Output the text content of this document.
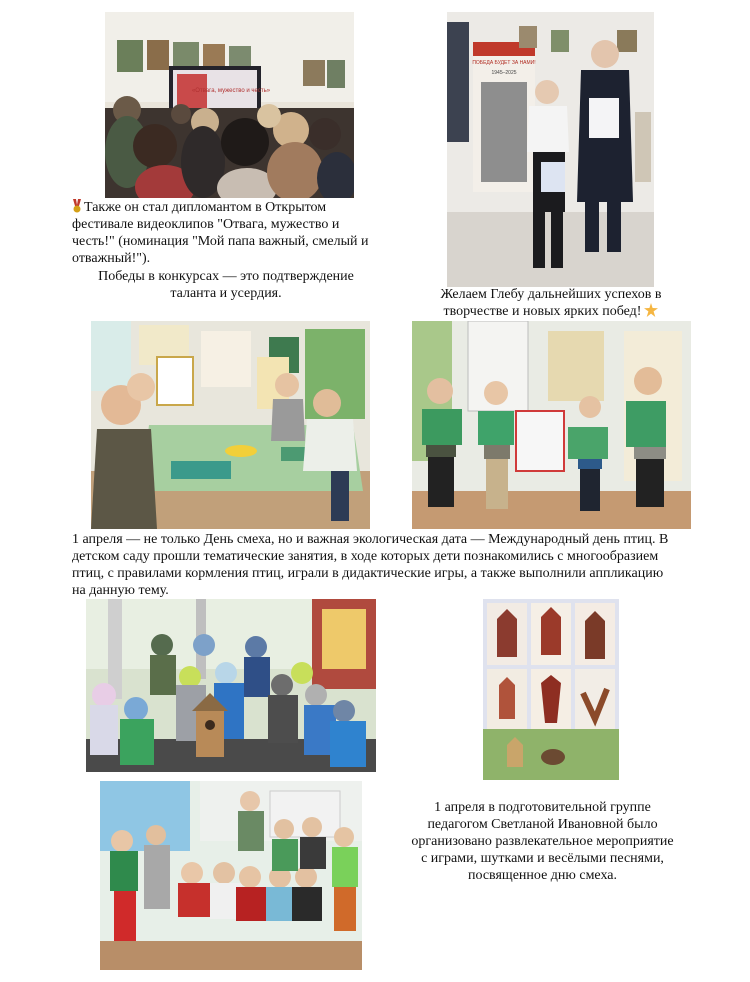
«Отвага, мужество и честь»
ПОБЕДА БУДЕТ ЗА НАМИ!
1945–2025
Также он стал дипломантом в Открытом фестивале видеоклипов "Отвага, мужество и честь!" (номинация "Мой папа важный, смелый и отважный!").
Победы в конкурсах — это подтверждение таланта и усердия.	Желаем Глебу дальнейших успехов в творчестве и новых ярких побед!
1 апреля — не только День смеха, но и важная экологическая дата — Международный день птиц. В детском саду прошли тематические занятия, в ходе которых дети познакомились с многообразием птиц, с правилами кормления птиц, играли в дидактические игры, а также выполнили аппликацию на данную тему.
1 апреля в подготовительной группе педагогом Светланой Ивановной было организовано развлекательное мероприятие с играми, шутками и весёлыми песнями, посвященное дню смеха.
